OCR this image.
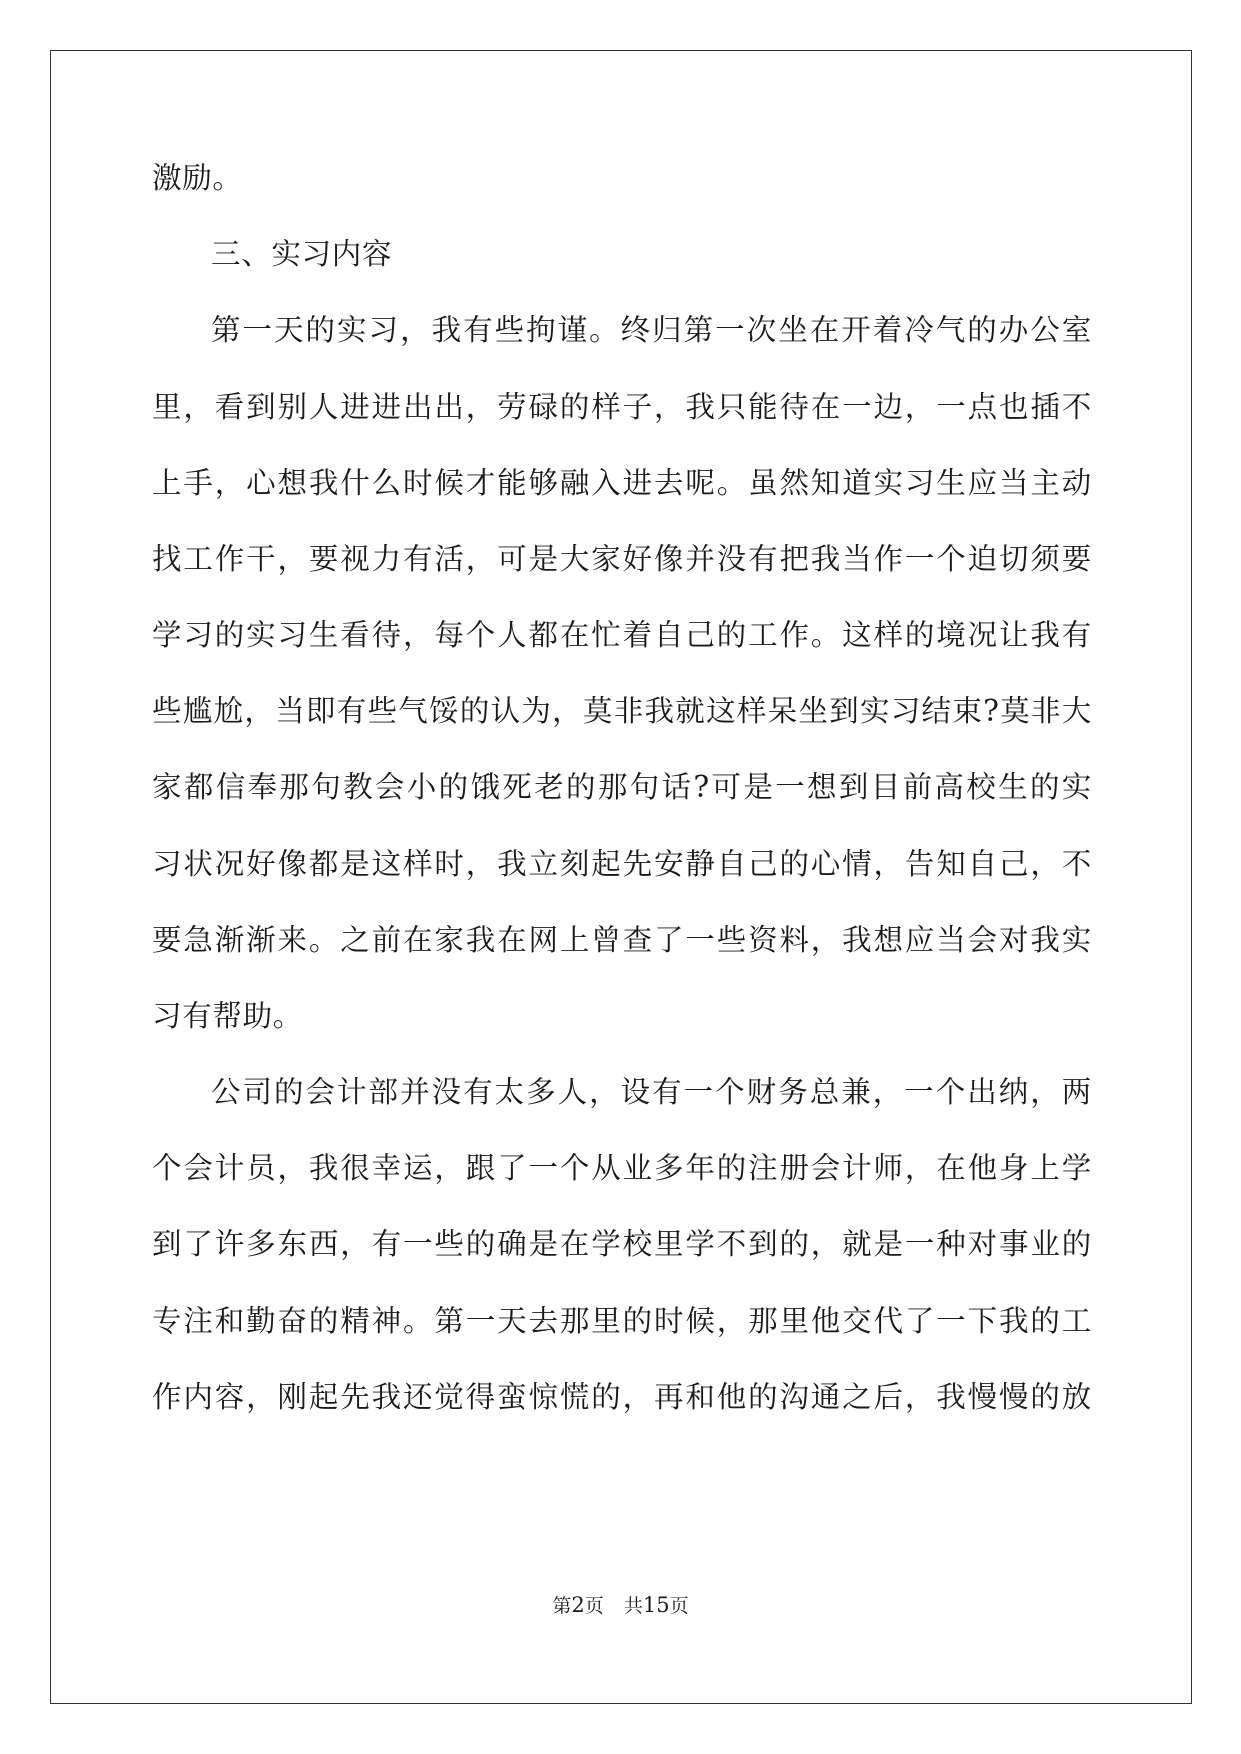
激励。
三、实习内容
第一天的实习，我有些拘谨。终归第一次坐在开着冷气的办公室
里，看到别人进进出出，劳碌的样子，我只能待在一边，一点也插不
上手，心想我什么时候才能够融入进去呢。虽然知道实习生应当主动
找工作干，要视力有活，可是大家好像并没有把我当作一个迫切须要
学习的实习生看待，每个人都在忙着自己的工作。这样的境况让我有
些尴尬，当即有些气馁的认为，莫非我就这样呆坐到实习结束?莫非大
家都信奉那句教会小的饿死老的那句话?可是一想到目前高校生的实
习状况好像都是这样时，我立刻起先安静自己的心情，告知自己，不
要急渐渐来。之前在家我在网上曾查了一些资料，我想应当会对我实
习有帮助。
公司的会计部并没有太多人，设有一个财务总兼，一个出纳，两
个会计员，我很幸运，跟了一个从业多年的注册会计师，在他身上学
到了许多东西，有一些的确是在学校里学不到的，就是一种对事业的
专注和勤奋的精神。第一天去那里的时候，那里他交代了一下我的工
作内容，刚起先我还觉得蛮惊慌的，再和他的沟通之后，我慢慢的放
第2页 共15页
